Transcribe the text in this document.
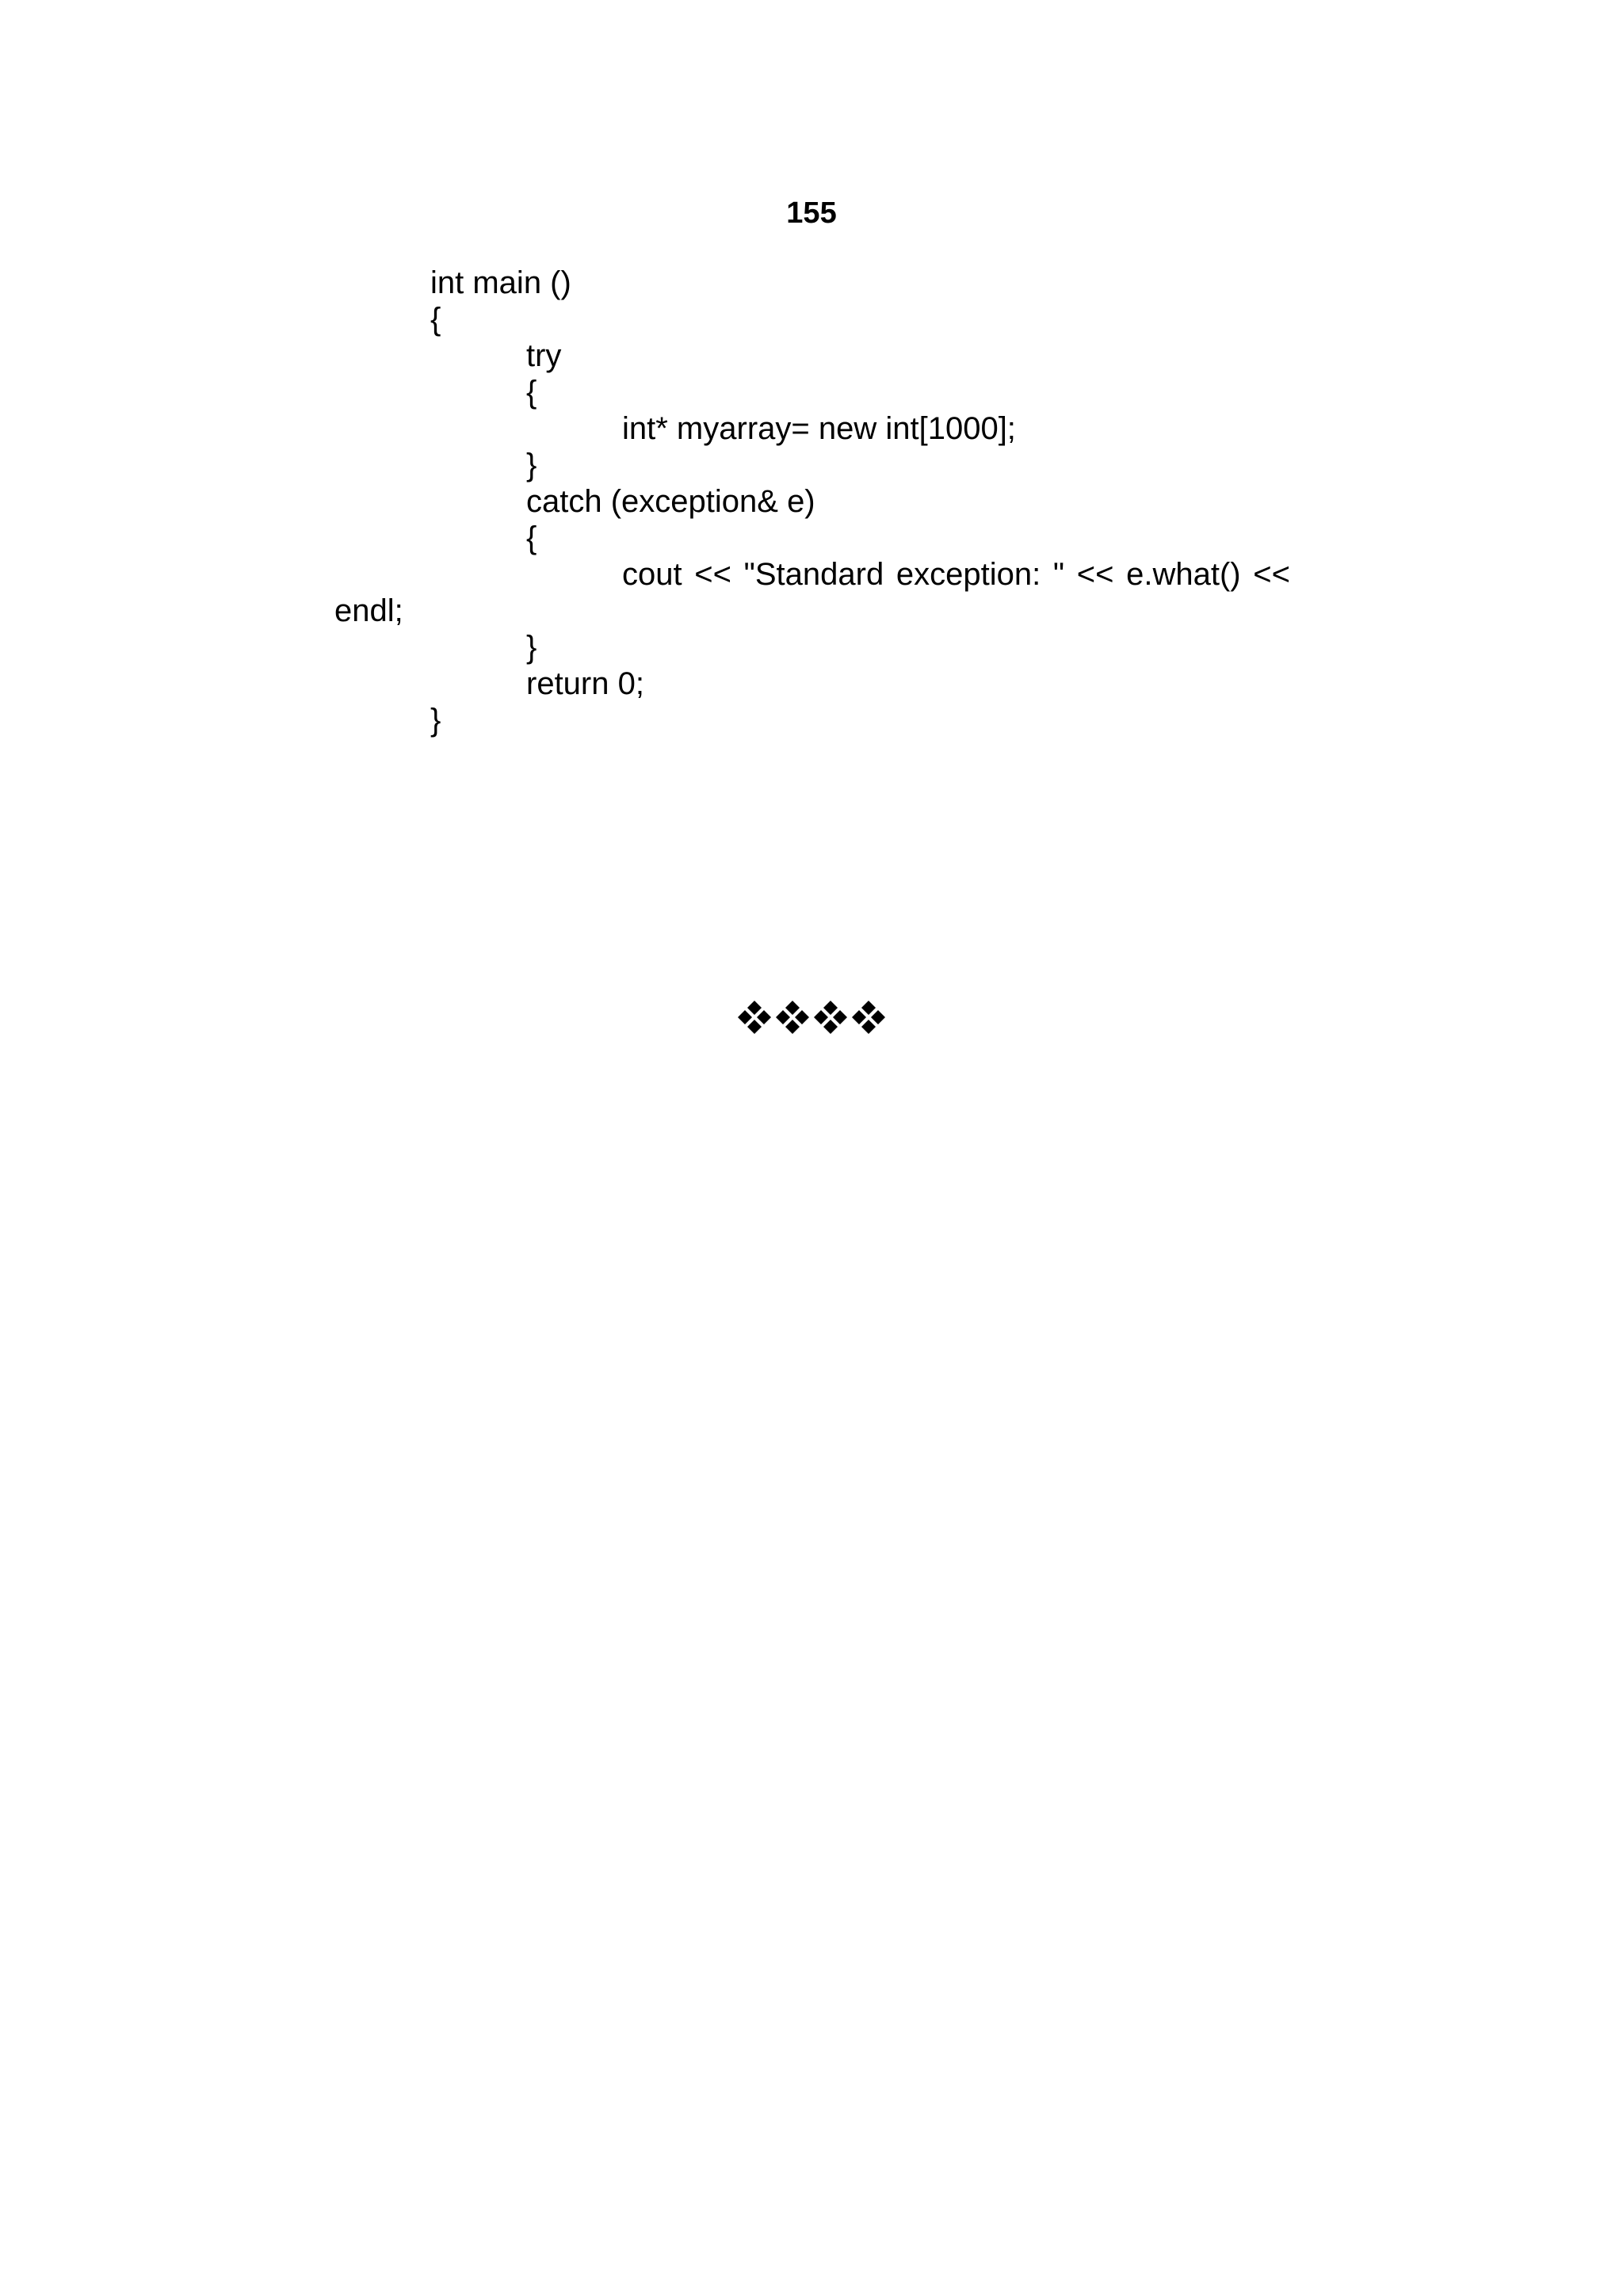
155
int main ()
{
try
{
int* myarray= new int[1000];
}
catch (exception& e)
{
cout << "Standard exception: " << e.what() <<
endl;
}
return 0;
}
